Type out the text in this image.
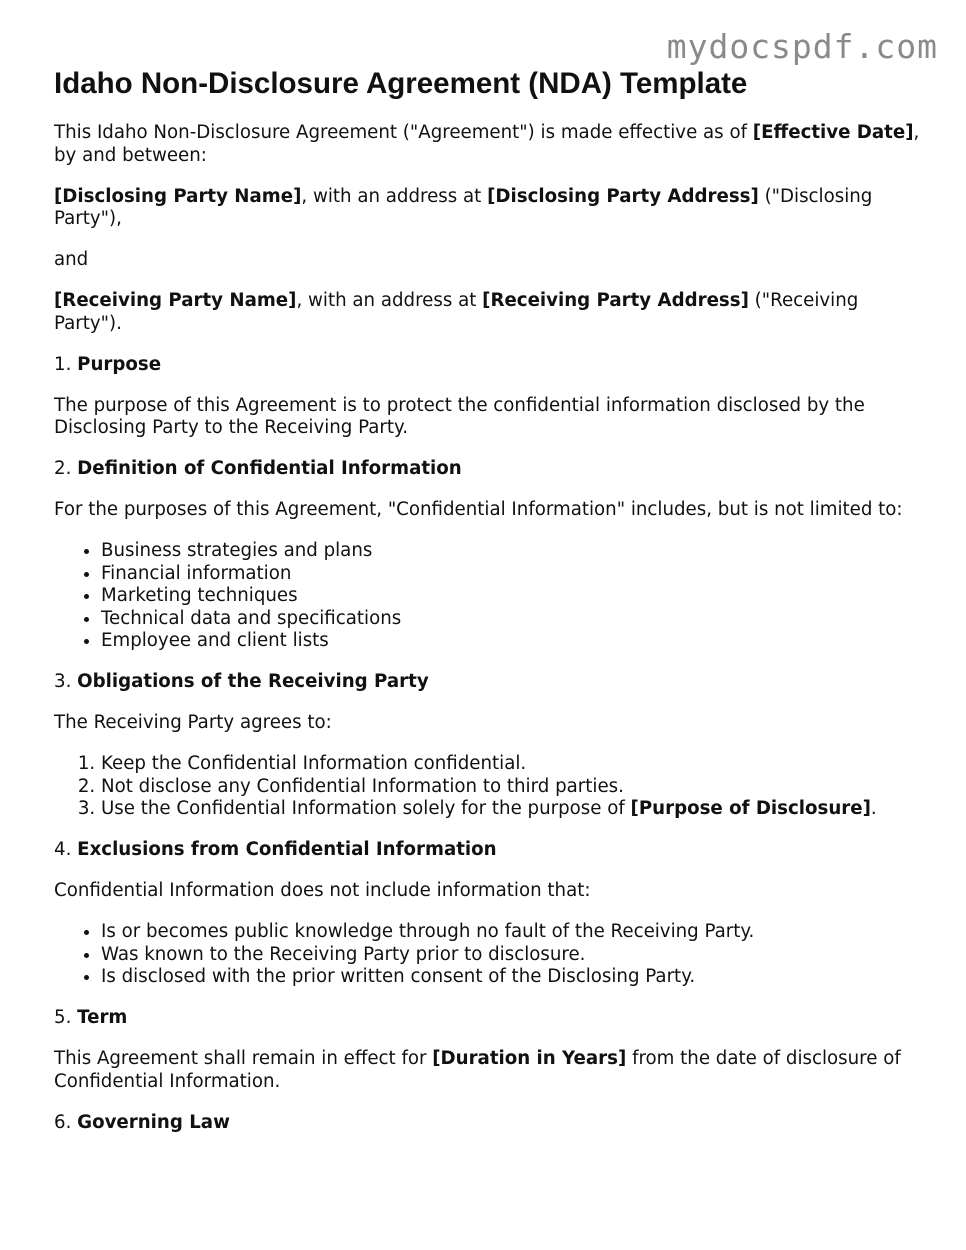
mydocspdf.com
Idaho Non-Disclosure Agreement (NDA) Template

This Idaho Non-Disclosure Agreement ("Agreement") is made effective as of [Effective Date], by and between:

[Disclosing Party Name], with an address at [Disclosing Party Address] ("Disclosing Party"),

and

[Receiving Party Name], with an address at [Receiving Party Address] ("Receiving Party").

1. Purpose

The purpose of this Agreement is to protect the confidential information disclosed by the Disclosing Party to the Receiving Party.

2. Definition of Confidential Information

For the purposes of this Agreement, "Confidential Information" includes, but is not limited to:

• Business strategies and plans
• Financial information
• Marketing techniques
• Technical data and specifications
• Employee and client lists

3. Obligations of the Receiving Party

The Receiving Party agrees to:

1. Keep the Confidential Information confidential.
2. Not disclose any Confidential Information to third parties.
3. Use the Confidential Information solely for the purpose of [Purpose of Disclosure].

4. Exclusions from Confidential Information

Confidential Information does not include information that:

• Is or becomes public knowledge through no fault of the Receiving Party.
• Was known to the Receiving Party prior to disclosure.
• Is disclosed with the prior written consent of the Disclosing Party.

5. Term

This Agreement shall remain in effect for [Duration in Years] from the date of disclosure of Confidential Information.

6. Governing Law
